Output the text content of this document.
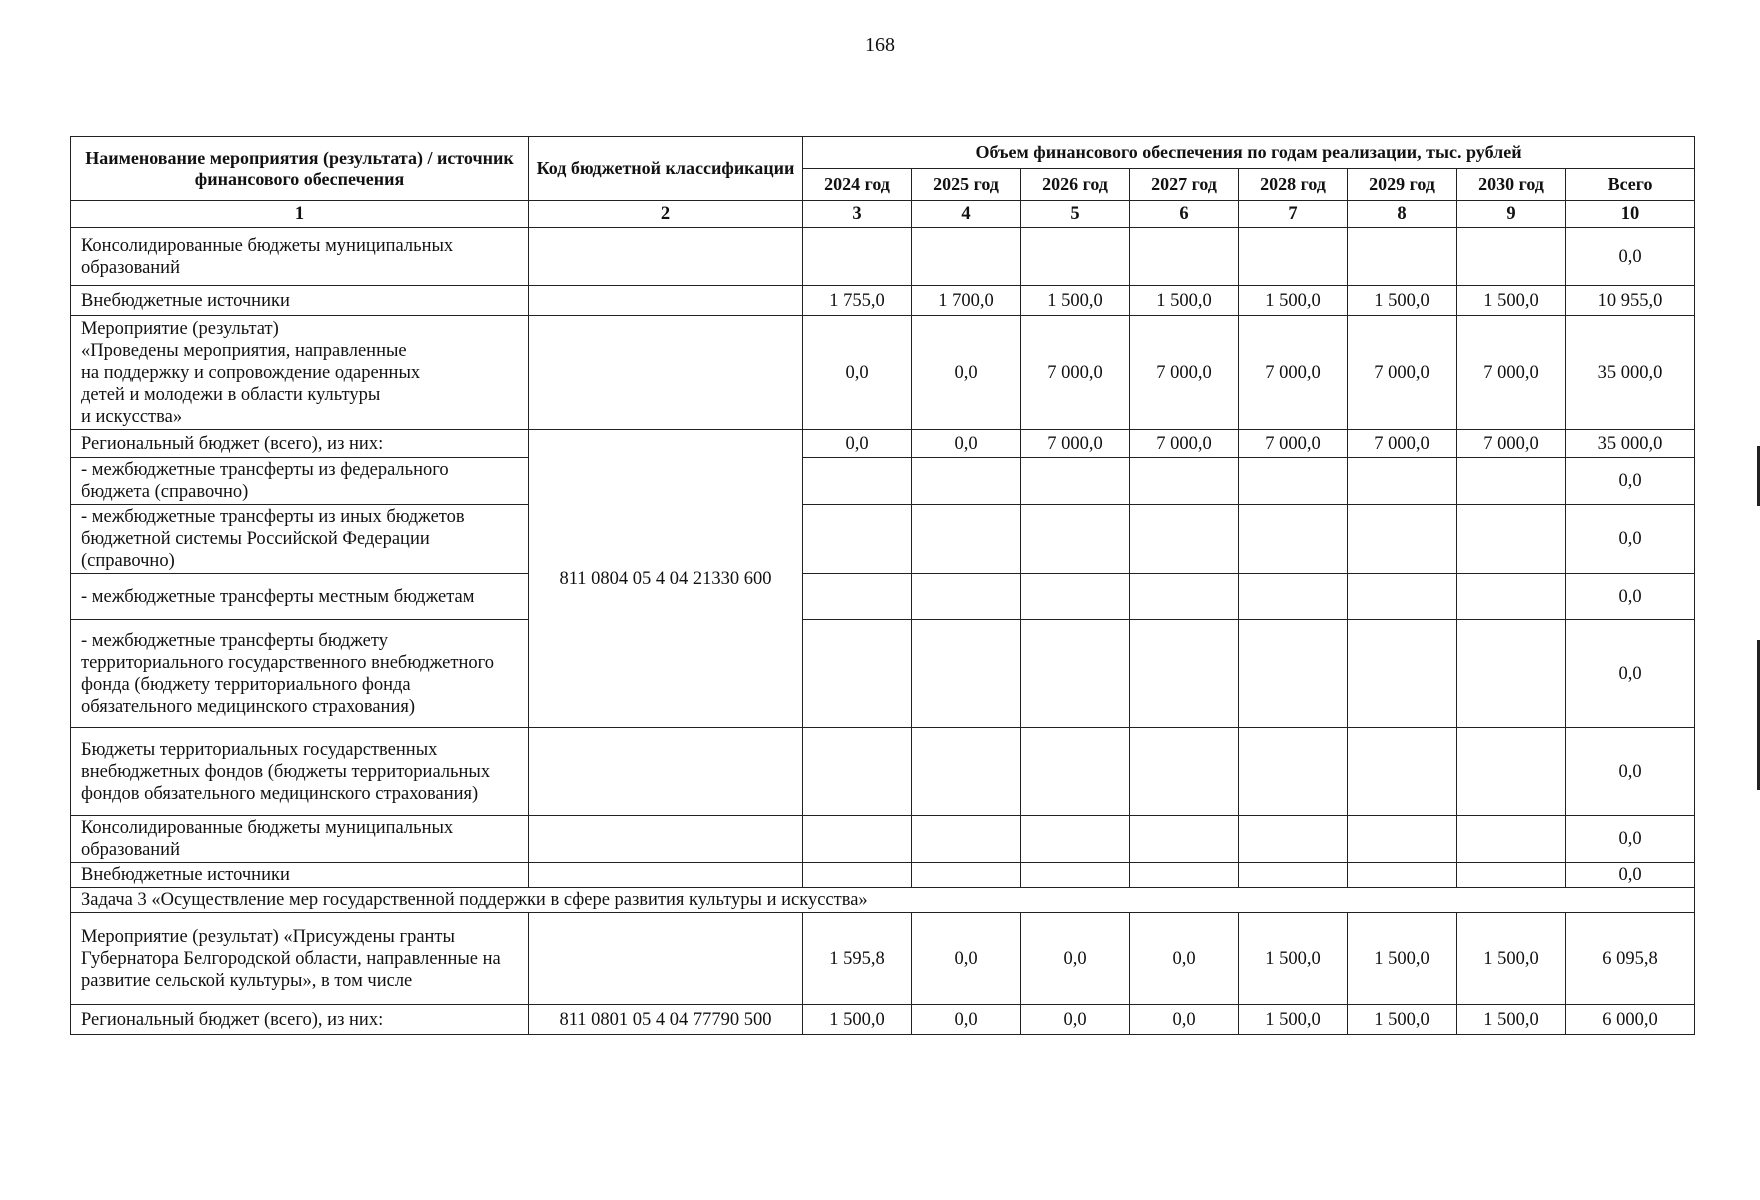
168
Наименование мероприятия (результата) / источник финансового обеспечения	Код бюджетной классификации	Объем финансового обеспечения по годам реализации, тыс. рублей							
		2024 год	2025 год	2026 год	2027 год	2028 год	2029 год	2030 год	Всего
1	2	3	4	5	6	7	8	9	10
Консолидированные бюджеты муниципальных образований									0,0
Внебюджетные источники		1 755,0	1 700,0	1 500,0	1 500,0	1 500,0	1 500,0	1 500,0	10 955,0
Мероприятие (результат)
«Проведены мероприятия, направленные
на поддержку и сопровождение одаренных
детей и молодежи в области культуры
и искусства»		0,0	0,0	7 000,0	7 000,0	7 000,0	7 000,0	7 000,0	35 000,0
Региональный бюджет (всего), из них:	811 0804 05 4 04 21330 600	0,0	0,0	7 000,0	7 000,0	7 000,0	7 000,0	7 000,0	35 000,0
- межбюджетные трансферты из федерального бюджета (справочно)									0,0
- межбюджетные трансферты из иных бюджетов бюджетной системы Российской Федерации (справочно)									0,0
- межбюджетные трансферты местным бюджетам									0,0
- межбюджетные трансферты бюджету территориального государственного внебюджетного фонда (бюджету территориального фонда обязательного медицинского страхования)									0,0
Бюджеты территориальных государственных внебюджетных фондов (бюджеты территориальных фондов обязательного медицинского страхования)									0,0
Консолидированные бюджеты муниципальных образований									0,0
Внебюджетные источники									0,0
Задача 3 «Осуществление мер государственной поддержки в сфере развития культуры и искусства»									
Мероприятие (результат) «Присуждены гранты Губернатора Белгородской области, направленные на развитие сельской культуры», в том числе		1 595,8	0,0	0,0	0,0	1 500,0	1 500,0	1 500,0	6 095,8
Региональный бюджет (всего), из них:	811 0801 05 4 04 77790 500	1 500,0	0,0	0,0	0,0	1 500,0	1 500,0	1 500,0	6 000,0
